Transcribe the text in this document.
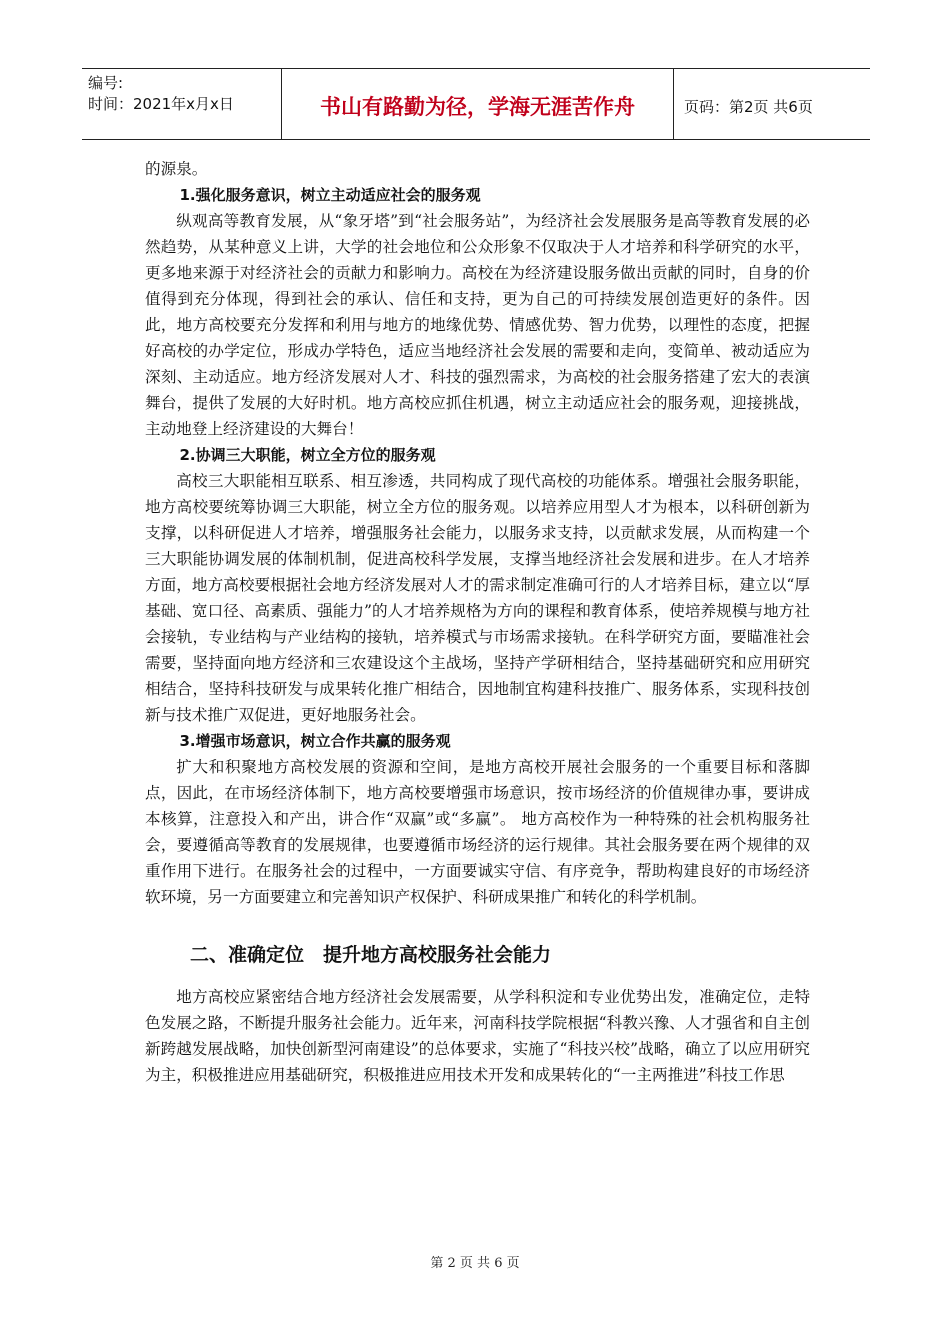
编号:
时间：2021年x月x日	书山有路勤为径，学海无涯苦作舟	页码：第2页 共6页

的源泉。

1.强化服务意识，树立主动适应社会的服务观

纵观高等教育发展，从“象牙塔”到“社会服务站”，为经济社会发展服务是高等教育发展的必然趋势，从某种意义上讲，大学的社会地位和公众形象不仅取决于人才培养和科学研究的水平，更多地来源于对经济社会的贡献力和影响力。高校在为经济建设服务做出贡献的同时，自身的价值得到充分体现，得到社会的承认、信任和支持，更为自己的可持续发展创造更好的条件。因此，地方高校要充分发挥和利用与地方的地缘优势、情感优势、智力优势，以理性的态度，把握好高校的办学定位，形成办学特色，适应当地经济社会发展的需要和走向，变简单、被动适应为深刻、主动适应。地方经济发展对人才、科技的强烈需求，为高校的社会服务搭建了宏大的表演舞台，提供了发展的大好时机。地方高校应抓住机遇，树立主动适应社会的服务观，迎接挑战，主动地登上经济建设的大舞台！

2.协调三大职能，树立全方位的服务观

高校三大职能相互联系、相互渗透，共同构成了现代高校的功能体系。增强社会服务职能，地方高校要统筹协调三大职能，树立全方位的服务观。以培养应用型人才为根本，以科研创新为支撑，以科研促进人才培养，增强服务社会能力，以服务求支持，以贡献求发展，从而构建一个三大职能协调发展的体制机制，促进高校科学发展，支撑当地经济社会发展和进步。在人才培养方面，地方高校要根据社会地方经济发展对人才的需求制定准确可行的人才培养目标，建立以“厚基础、宽口径、高素质、强能力”的人才培养规格为方向的课程和教育体系，使培养规模与地方社会接轨，专业结构与产业结构的接轨，培养模式与市场需求接轨。在科学研究方面，要瞄准社会需要，坚持面向地方经济和三农建设这个主战场，坚持产学研相结合，坚持基础研究和应用研究相结合，坚持科技研发与成果转化推广相结合，因地制宜构建科技推广、服务体系，实现科技创新与技术推广双促进，更好地服务社会。

3.增强市场意识，树立合作共赢的服务观

扩大和积聚地方高校发展的资源和空间，是地方高校开展社会服务的一个重要目标和落脚点，因此，在市场经济体制下，地方高校要增强市场意识，按市场经济的价值规律办事，要讲成本核算，注意投入和产出，讲合作“双赢”或“多赢”。 地方高校作为一种特殊的社会机构服务社会，要遵循高等教育的发展规律，也要遵循市场经济的运行规律。其社会服务要在两个规律的双重作用下进行。在服务社会的过程中，一方面要诚实守信、有序竞争，帮助构建良好的市场经济软环境，另一方面要建立和完善知识产权保护、科研成果推广和转化的科学机制。

二、准确定位　提升地方高校服务社会能力

地方高校应紧密结合地方经济社会发展需要，从学科积淀和专业优势出发，准确定位，走特色发展之路，不断提升服务社会能力。近年来，河南科技学院根据“科教兴豫、人才强省和自主创新跨越发展战略，加快创新型河南建设”的总体要求，实施了“科技兴校”战略，确立了以应用研究为主，积极推进应用基础研究，积极推进应用技术开发和成果转化的“一主两推进”科技工作思

第 2 页 共 6 页
